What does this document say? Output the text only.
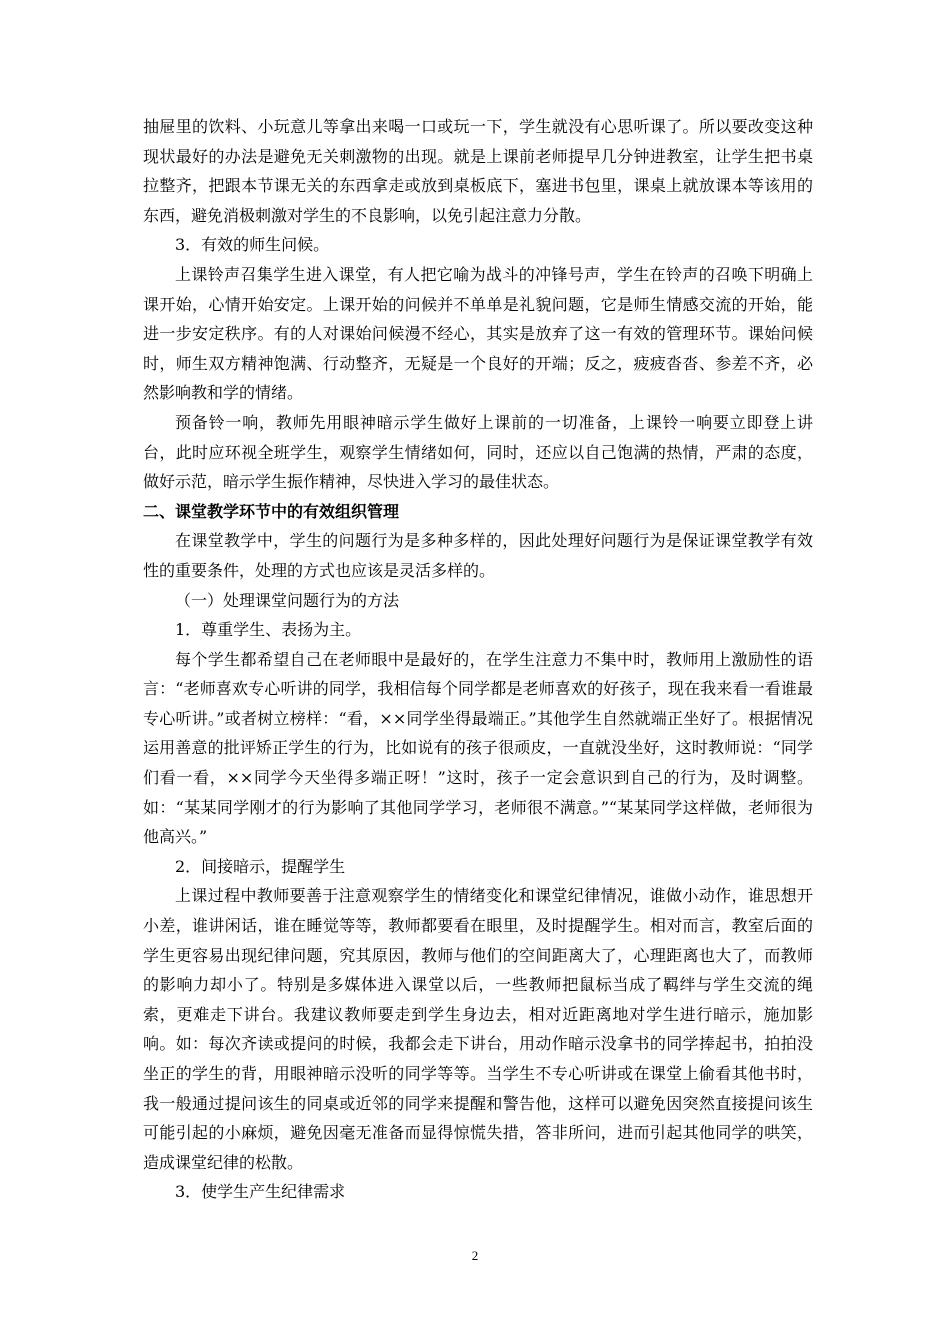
抽屉里的饮料、小玩意儿等拿出来喝一口或玩一下，学生就没有心思听课了。所以要改变这种现状最好的办法是避免无关刺激物的出现。就是上课前老师提早几分钟进教室，让学生把书桌拉整齐，把跟本节课无关的东西拿走或放到桌板底下，塞进书包里，课桌上就放课本等该用的东西，避免消极刺激对学生的不良影响，以免引起注意力分散。

3．有效的师生问候。

上课铃声召集学生进入课堂，有人把它喻为战斗的冲锋号声，学生在铃声的召唤下明确上课开始，心情开始安定。上课开始的问候并不单单是礼貌问题，它是师生情感交流的开始，能进一步安定秩序。有的人对课始问候漫不经心，其实是放弃了这一有效的管理环节。课始问候时，师生双方精神饱满、行动整齐，无疑是一个良好的开端；反之，疲疲沓沓、参差不齐，必然影响教和学的情绪。

预备铃一响，教师先用眼神暗示学生做好上课前的一切准备，上课铃一响要立即登上讲台，此时应环视全班学生，观察学生情绪如何，同时，还应以自己饱满的热情，严肃的态度，做好示范，暗示学生振作精神，尽快进入学习的最佳状态。

二、课堂教学环节中的有效组织管理

在课堂教学中，学生的问题行为是多种多样的，因此处理好问题行为是保证课堂教学有效性的重要条件，处理的方式也应该是灵活多样的。

（一）处理课堂问题行为的方法

1．尊重学生、表扬为主。

每个学生都希望自己在老师眼中是最好的，在学生注意力不集中时，教师用上激励性的语言：“老师喜欢专心听讲的同学，我相信每个同学都是老师喜欢的好孩子，现在我来看一看谁最专心听讲。”或者树立榜样：“看，××同学坐得最端正。”其他学生自然就端正坐好了。根据情况运用善意的批评矫正学生的行为，比如说有的孩子很顽皮，一直就没坐好，这时教师说：“同学们看一看，××同学今天坐得多端正呀！”这时，孩子一定会意识到自己的行为，及时调整。如：“某某同学刚才的行为影响了其他同学学习，老师很不满意。”“某某同学这样做，老师很为他高兴。”

2．间接暗示，提醒学生

上课过程中教师要善于注意观察学生的情绪变化和课堂纪律情况，谁做小动作，谁思想开小差，谁讲闲话，谁在睡觉等等，教师都要看在眼里，及时提醒学生。相对而言，教室后面的学生更容易出现纪律问题，究其原因，教师与他们的空间距离大了，心理距离也大了，而教师的影响力却小了。特别是多媒体进入课堂以后，一些教师把鼠标当成了羁绊与学生交流的绳索，更难走下讲台。我建议教师要走到学生身边去，相对近距离地对学生进行暗示，施加影响。如：每次齐读或提问的时候，我都会走下讲台，用动作暗示没拿书的同学捧起书，拍拍没坐正的学生的背，用眼神暗示没听的同学等等。当学生不专心听讲或在课堂上偷看其他书时，我一般通过提问该生的同桌或近邻的同学来提醒和警告他，这样可以避免因突然直接提问该生可能引起的小麻烦，避免因毫无准备而显得惊慌失措，答非所问，进而引起其他同学的哄笑，造成课堂纪律的松散。

3．使学生产生纪律需求

2
